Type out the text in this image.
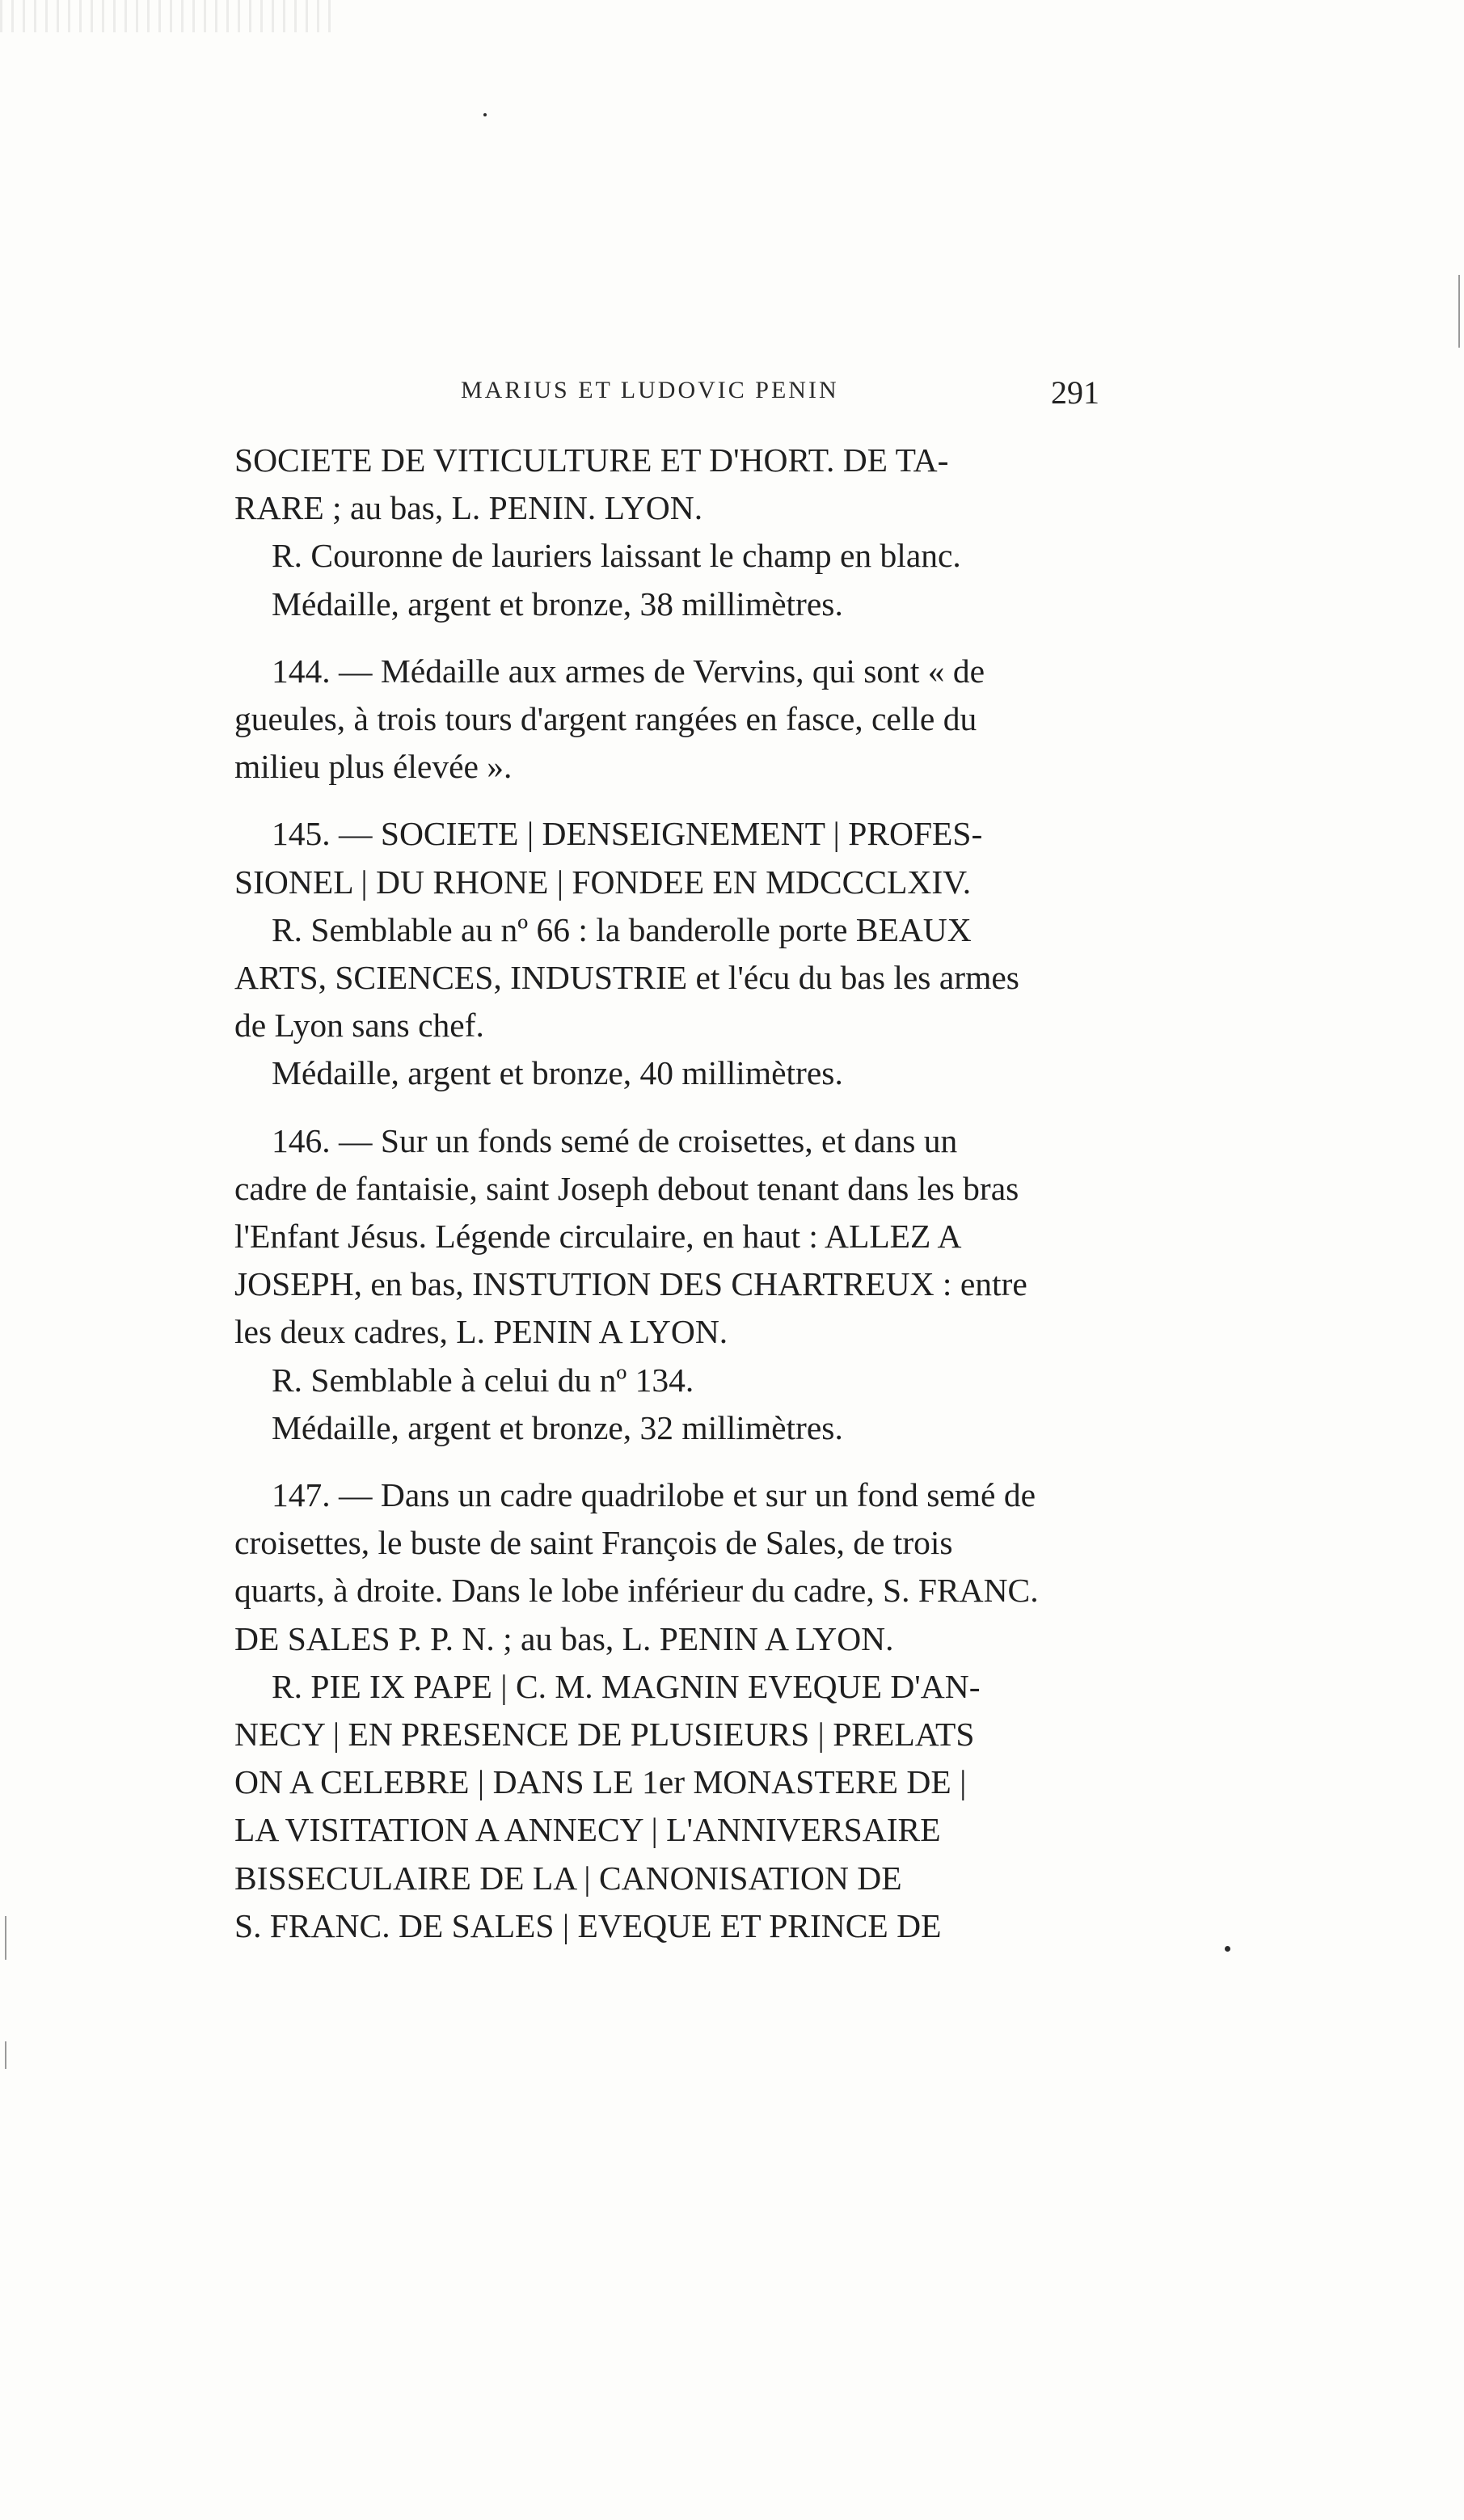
MARIUS ET LUDOVIC PENIN	291

SOCIETE DE VITICULTURE ET D'HORT. DE TA-
RARE ; au bas, L. PENIN. LYON.

R. Couronne de lauriers laissant le champ en blanc.

Médaille, argent et bronze, 38 millimètres.

144. — Médaille aux armes de Vervins, qui sont « de
gueules, à trois tours d'argent rangées en fasce, celle du
milieu plus élevée ».

145. — SOCIETE | DENSEIGNEMENT | PROFES-
SIONEL | DU RHONE | FONDEE EN MDCCCLXIV.

R. Semblable au nº 66 : la banderolle porte BEAUX
ARTS, SCIENCES, INDUSTRIE et l'écu du bas les armes
de Lyon sans chef.

Médaille, argent et bronze, 40 millimètres.

146. — Sur un fonds semé de croisettes, et dans un
cadre de fantaisie, saint Joseph debout tenant dans les bras
l'Enfant Jésus. Légende circulaire, en haut : ALLEZ A
JOSEPH, en bas, INSTUTION DES CHARTREUX : entre
les deux cadres, L. PENIN A LYON.

R. Semblable à celui du nº 134.

Médaille, argent et bronze, 32 millimètres.

147. — Dans un cadre quadrilobe et sur un fond semé de
croisettes, le buste de saint François de Sales, de trois
quarts, à droite. Dans le lobe inférieur du cadre, S. FRANC.
DE SALES P. P. N. ; au bas, L. PENIN A LYON.

R. PIE IX PAPE | C. M. MAGNIN EVEQUE D'AN-
NECY | EN PRESENCE DE PLUSIEURS | PRELATS
ON A CELEBRE | DANS LE 1er MONASTERE DE |
LA VISITATION A ANNECY | L'ANNIVERSAIRE
BISSECULAIRE DE LA | CANONISATION DE
S. FRANC. DE SALES | EVEQUE ET PRINCE DE
